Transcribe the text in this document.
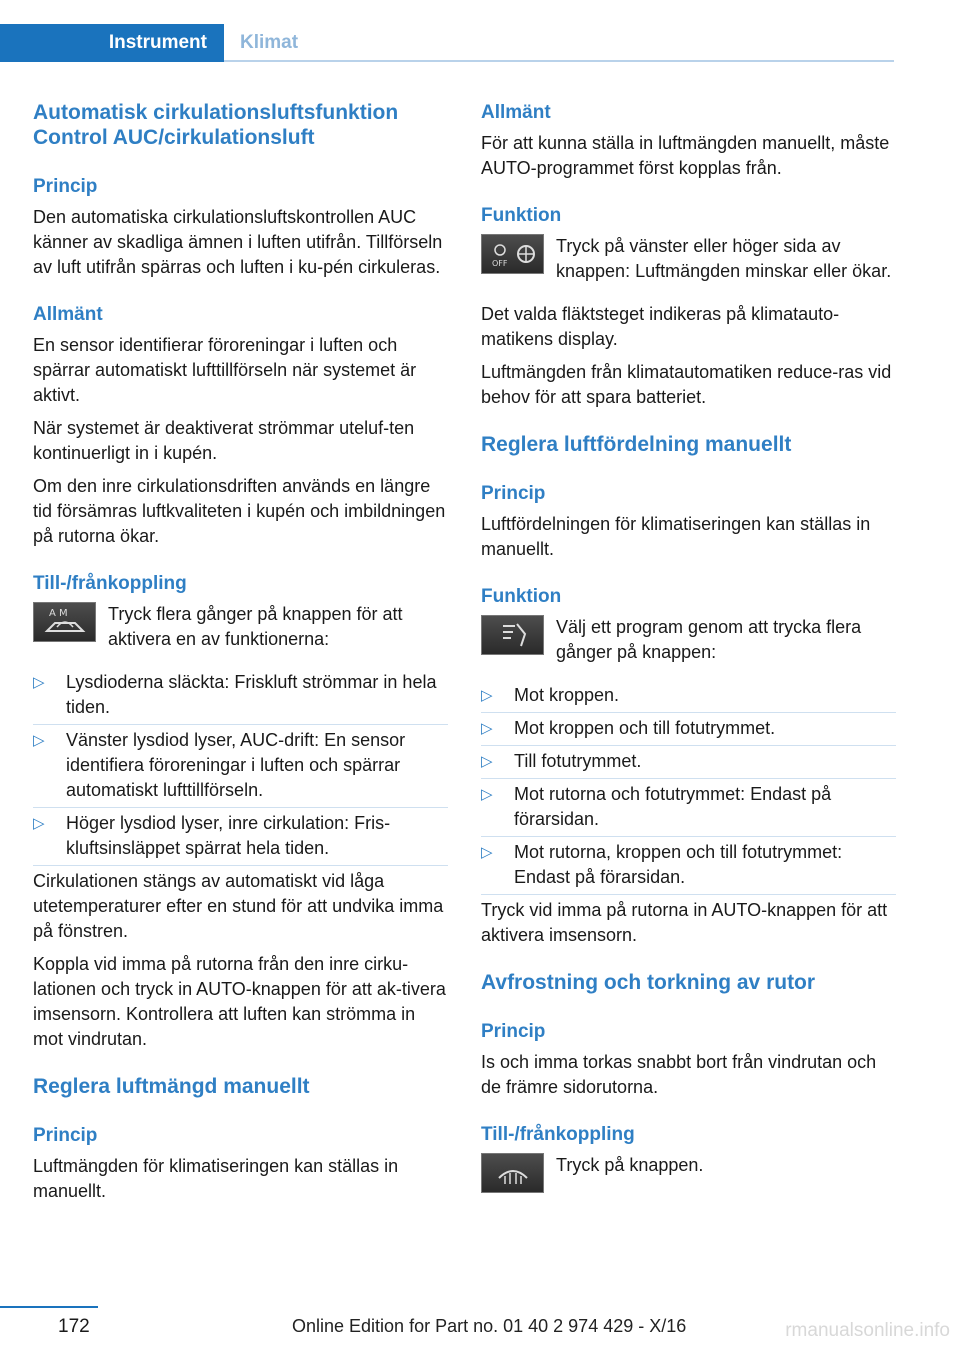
Instrument	Klimat
Automatisk cirkulationsluftsfunktion Control AUC/cirkulationsluft
Princip

Den automatiska cirkulationsluftskontrollen AUC känner av skadliga ämnen i luften utifrån. Tillförseln av luft utifrån spärras och luften i ku-pén cirkuleras.

Allmänt

En sensor identifierar föroreningar i luften och spärrar automatiskt lufttillförseln när systemet är aktivt.

När systemet är deaktiverat strömmar uteluf-ten kontinuerligt in i kupén.

Om den inre cirkulationsdriften används en längre tid försämras luftkvaliteten i kupén och imbildningen på rutorna ökar.

Till-/frånkoppling
A M Tryck flera gånger på knappen för att aktivera en av funktionerna:
▷ Lysdioderna släckta: Friskluft strömmar in hela tiden.
▷ Vänster lysdiod lyser, AUC-drift: En sensor identifiera föroreningar i luften och spärrar automatiskt lufttillförseln.
▷ Höger lysdiod lyser, inre cirkulation: Fris-kluftsinsläppet spärrat hela tiden.

Cirkulationen stängs av automatiskt vid låga utetemperaturer efter en stund för att undvika imma på fönstren.

Koppla vid imma på rutorna från den inre cirku-lationen och tryck in AUTO-knappen för att ak-tivera imsensorn. Kontrollera att luften kan strömma in mot vindrutan.

Reglera luftmängd manuellt
Princip

Luftmängden för klimatiseringen kan ställas in manuellt.

Allmänt

För att kunna ställa in luftmängden manuellt, måste AUTO-programmet först kopplas från.

Funktion
OFF
Tryck på vänster eller höger sida av knappen: Luftmängden minskar eller ökar.

Det valda fläktsteget indikeras på klimatauto-matikens display.

Luftmängden från klimatautomatiken reduce-ras vid behov för att spara batteriet.

Reglera luftfördelning manuellt
Princip

Luftfördelningen för klimatiseringen kan ställas in manuellt.

Funktion
Välj ett program genom att trycka flera gånger på knappen:
▷ Mot kroppen.
▷ Mot kroppen och till fotutrymmet.
▷ Till fotutrymmet.
▷ Mot rutorna och fotutrymmet: Endast på förarsidan.
▷ Mot rutorna, kroppen och till fotutrymmet: Endast på förarsidan.

Tryck vid imma på rutorna in AUTO-knappen för att aktivera imsensorn.

Avfrostning och torkning av rutor
Princip

Is och imma torkas snabbt bort från vindrutan och de främre sidorutorna.

Till-/frånkoppling
Tryck på knappen.
172	Online Edition for Part no. 01 40 2 974 429 - X/16	rmanualsonline.info
